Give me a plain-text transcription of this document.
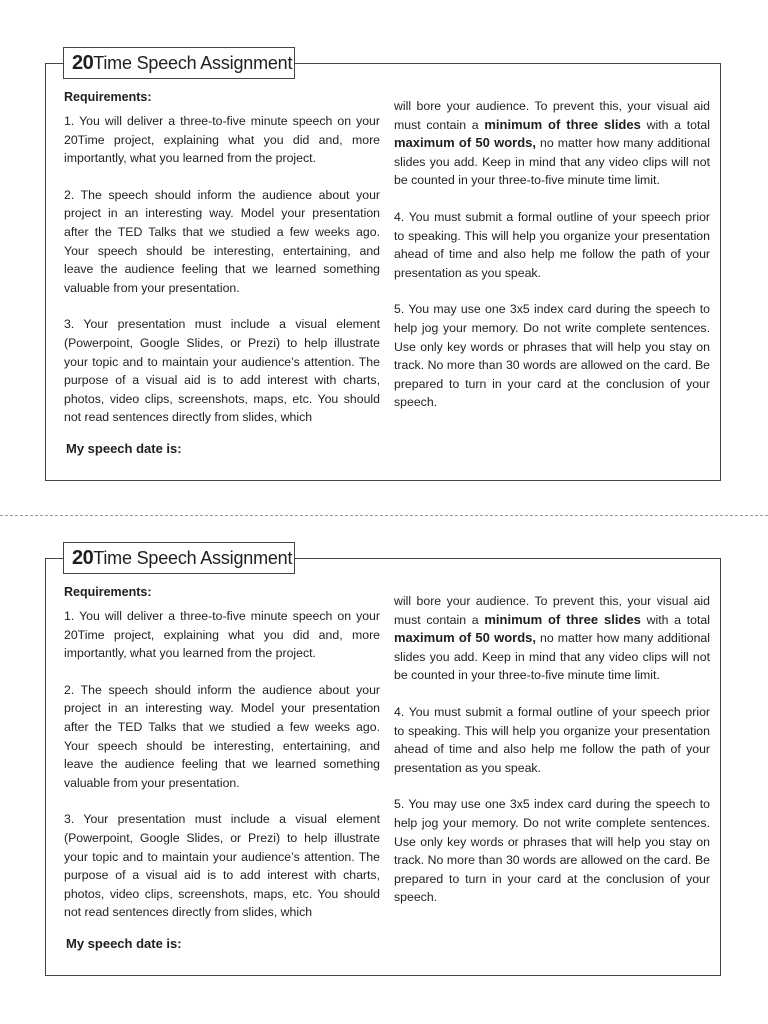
20 Time Speech Assignment
Requirements:

1. You will deliver a three-to-five minute speech on your 20Time project, explaining what you did and, more importantly, what you learned from the project.

2. The speech should inform the audience about your project in an interesting way. Model your presentation after the TED Talks that we studied a few weeks ago. Your speech should be interesting, entertaining, and leave the audience feeling that we learned something valuable from your presentation.

3. Your presentation must include a visual element (Powerpoint, Google Slides, or Prezi) to help illustrate your topic and to maintain your audience’s attention. The purpose of a visual aid is to add interest with charts, photos, video clips, screenshots, maps, etc. You should not read sentences directly from slides, which

will bore your audience. To prevent this, your visual aid must contain a minimum of three slides with a total maximum of 50 words, no matter how many additional slides you add. Keep in mind that any video clips will not be counted in your three-to-five minute time limit.

4. You must submit a formal outline of your speech prior to speaking. This will help you organize your presentation ahead of time and also help me follow the path of your presentation as you speak.

5. You may use one 3x5 index card during the speech to help jog your memory. Do not write complete sentences. Use only key words or phrases that will help you stay on track. No more than 30 words are allowed on the card. Be prepared to turn in your card at the conclusion of your speech.

My speech date is:
20 Time Speech Assignment
Requirements:

1. You will deliver a three-to-five minute speech on your 20Time project, explaining what you did and, more importantly, what you learned from the project.

2. The speech should inform the audience about your project in an interesting way. Model your presentation after the TED Talks that we studied a few weeks ago. Your speech should be interesting, entertaining, and leave the audience feeling that we learned something valuable from your presentation.

3. Your presentation must include a visual element (Powerpoint, Google Slides, or Prezi) to help illustrate your topic and to maintain your audience’s attention. The purpose of a visual aid is to add interest with charts, photos, video clips, screenshots, maps, etc. You should not read sentences directly from slides, which

will bore your audience. To prevent this, your visual aid must contain a minimum of three slides with a total maximum of 50 words, no matter how many additional slides you add. Keep in mind that any video clips will not be counted in your three-to-five minute time limit.

4. You must submit a formal outline of your speech prior to speaking. This will help you organize your presentation ahead of time and also help me follow the path of your presentation as you speak.

5. You may use one 3x5 index card during the speech to help jog your memory. Do not write complete sentences. Use only key words or phrases that will help you stay on track. No more than 30 words are allowed on the card. Be prepared to turn in your card at the conclusion of your speech.

My speech date is:
